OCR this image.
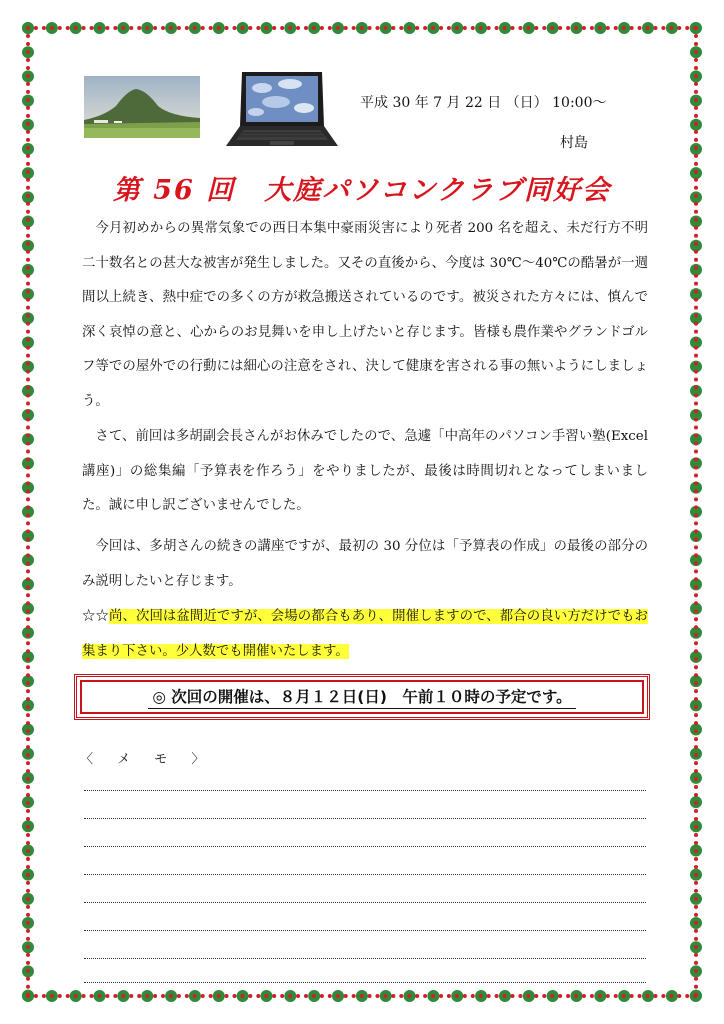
平成 30 年 7 月 22 日 （日） 10:00～
村島
第 56 回　大庭パソコンクラブ同好会
今月初めからの異常気象での西日本集中豪雨災害により死者 200 名を超え、未だ行方不明二十数名との甚大な被害が発生しました。又その直後から、今度は 30℃～40℃の酷暑が一週間以上続き、熱中症での多くの方が救急搬送されているのです。被災された方々には、慎んで深く哀悼の意と、心からのお見舞いを申し上げたいと存じます。皆様も農作業やグランドゴルフ等での屋外での行動には細心の注意をされ、決して健康を害される事の無いようにしましょう。
さて、前回は多胡副会長さんがお休みでしたので、急遽「中高年のパソコン手習い塾(Excel 講座)」の総集編「予算表を作ろう」をやりましたが、最後は時間切れとなってしまいました。誠に申し訳ございませんでした。
今回は、多胡さんの続きの講座ですが、最初の 30 分位は「予算表の作成」の最後の部分のみ説明したいと存じます。
☆☆尚、次回は盆間近ですが、会場の都合もあり、開催しますので、都合の良い方だけでもお集まり下さい。少人数でも開催いたします。
◎ 次回の開催は、８月１２日(日)　午前１０時の予定です。
〈 メ モ 〉
